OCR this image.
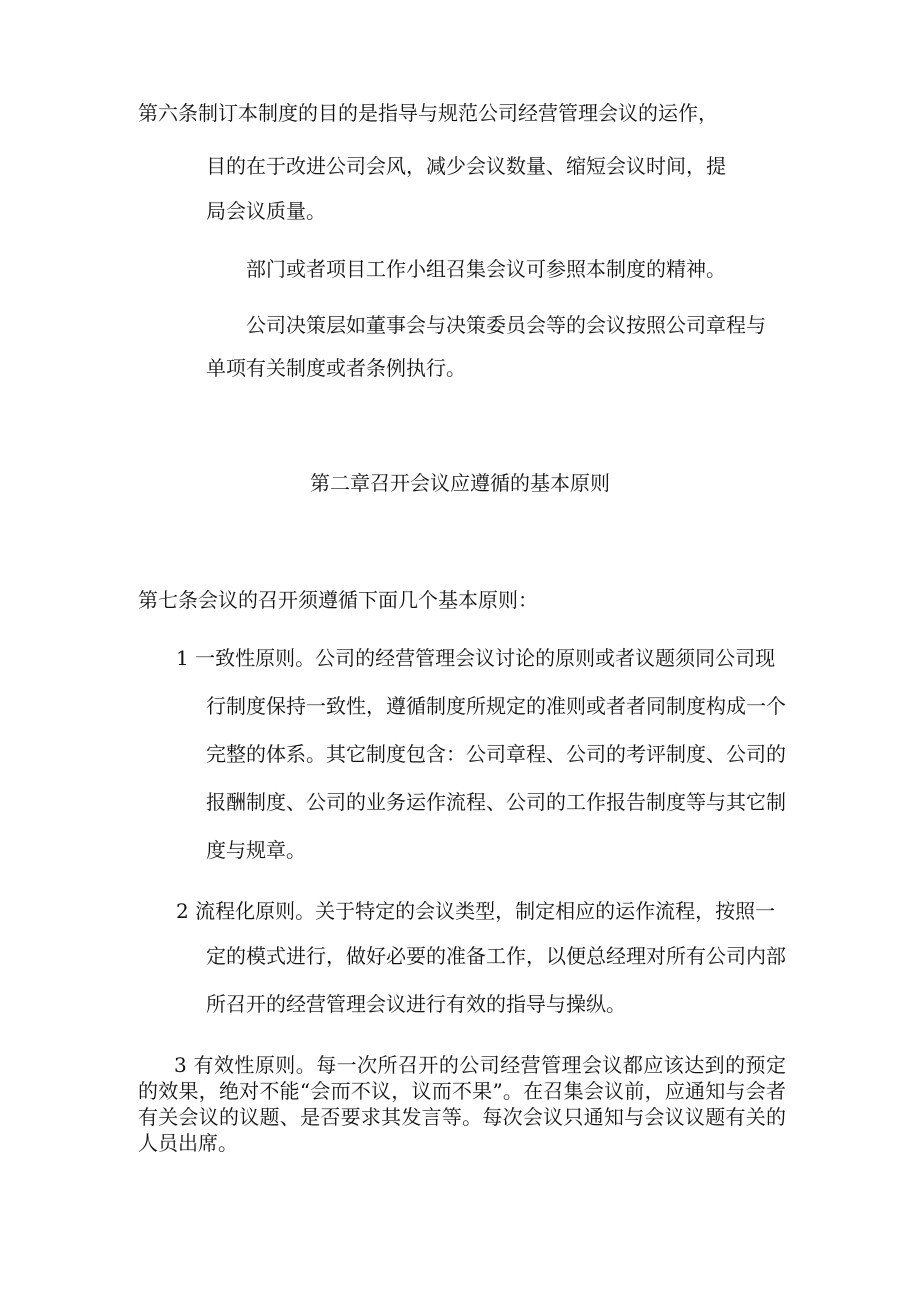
第六条制订本制度的目的是指导与规范公司经营管理会议的运作，

目的在于改进公司会风，减少会议数量、缩短会议时间，提

局会议质量。

部门或者项目工作小组召集会议可参照本制度的精神。

公司决策层如董事会与决策委员会等的会议按照公司章程与

单项有关制度或者条例执行。

第二章召开会议应遵循的基本原则

第七条会议的召开须遵循下面几个基本原则：

1 一致性原则。公司的经营管理会议讨论的原则或者议题须同公司现

行制度保持一致性，遵循制度所规定的准则或者者同制度构成一个

完整的体系。其它制度包含：公司章程、公司的考评制度、公司的

报酬制度、公司的业务运作流程、公司的工作报告制度等与其它制

度与规章。

2 流程化原则。关于特定的会议类型，制定相应的运作流程，按照一

定的模式进行，做好必要的准备工作，以便总经理对所有公司内部

所召开的经营管理会议进行有效的指导与操纵。

3 有效性原则。每一次所召开的公司经营管理会议都应该达到的预定的效果，绝对不能“会而不议，议而不果”。在召集会议前，应通知与会者有关会议的议题、是否要求其发言等。每次会议只通知与会议议题有关的人员出席。
